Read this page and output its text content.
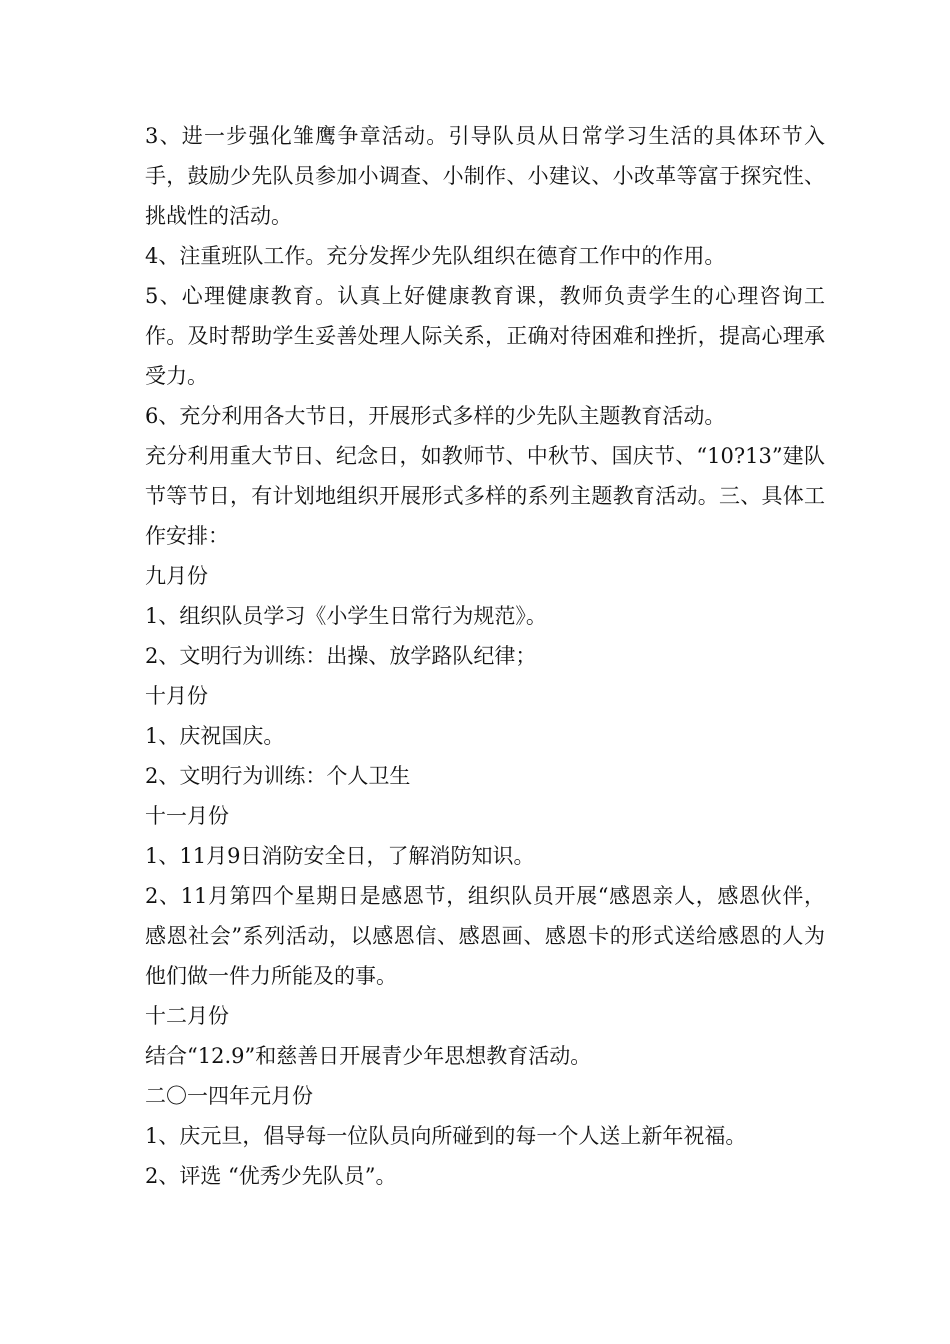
3、进一步强化雏鹰争章活动。引导队员从日常学习生活的具体环节入手，鼓励少先队员参加小调查、小制作、小建议、小改革等富于探究性、挑战性的活动。

4、注重班队工作。充分发挥少先队组织在德育工作中的作用。

5、心理健康教育。认真上好健康教育课，教师负责学生的心理咨询工作。及时帮助学生妥善处理人际关系，正确对待困难和挫折，提高心理承受力。

6、充分利用各大节日，开展形式多样的少先队主题教育活动。

充分利用重大节日、纪念日，如教师节、中秋节、国庆节、“10?13”建队节等节日，有计划地组织开展形式多样的系列主题教育活动。三、具体工作安排：

九月份

1、组织队员学习《小学生日常行为规范》。

2、文明行为训练：出操、放学路队纪律；

十月份

1、庆祝国庆。

2、文明行为训练：个人卫生

十一月份

1、11月9日消防安全日，了解消防知识。

2、11月第四个星期日是感恩节，组织队员开展“感恩亲人，感恩伙伴，感恩社会”系列活动，以感恩信、感恩画、感恩卡的形式送给感恩的人为他们做一件力所能及的事。

十二月份

结合“12.9”和慈善日开展青少年思想教育活动。

二〇一四年元月份

1、庆元旦，倡导每一位队员向所碰到的每一个人送上新年祝福。

2、评选 “优秀少先队员”。
